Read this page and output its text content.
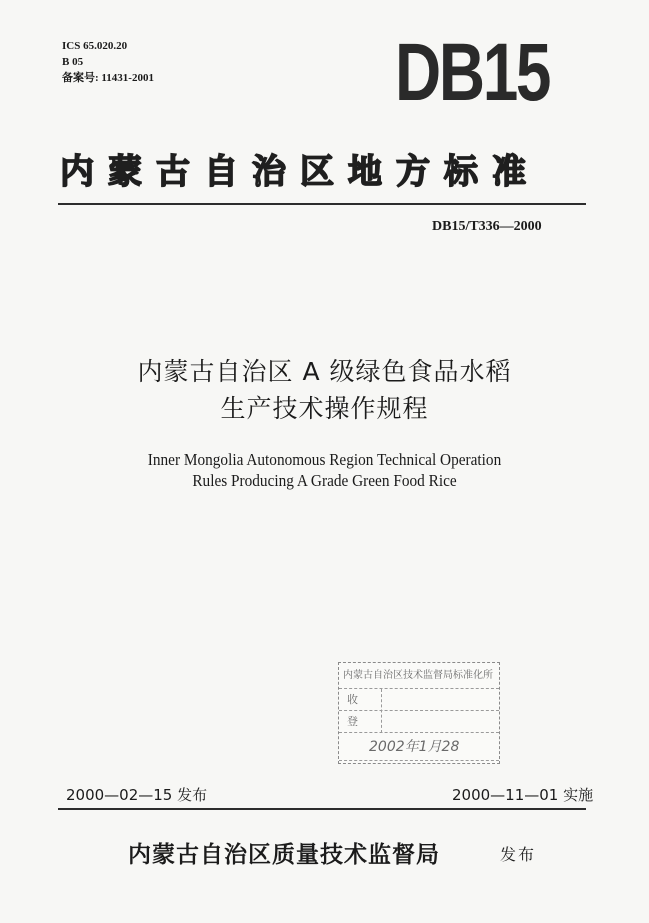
ICS 65.020.20
B 05
备案号: 11431-2001	DB15
内蒙古自治区地方标准
DB15/T336—2000
内蒙古自治区 A 级绿色食品水稻
生产技术操作规程
Inner Mongolia Autonomous Region Technical Operation
Rules Producing A Grade Green Food Rice
内蒙古自治区技术监督局标准化所
收
登
2002年1月28
2000—02—15 发布	2000—11—01 实施
内蒙古自治区质量技术监督局	发布
